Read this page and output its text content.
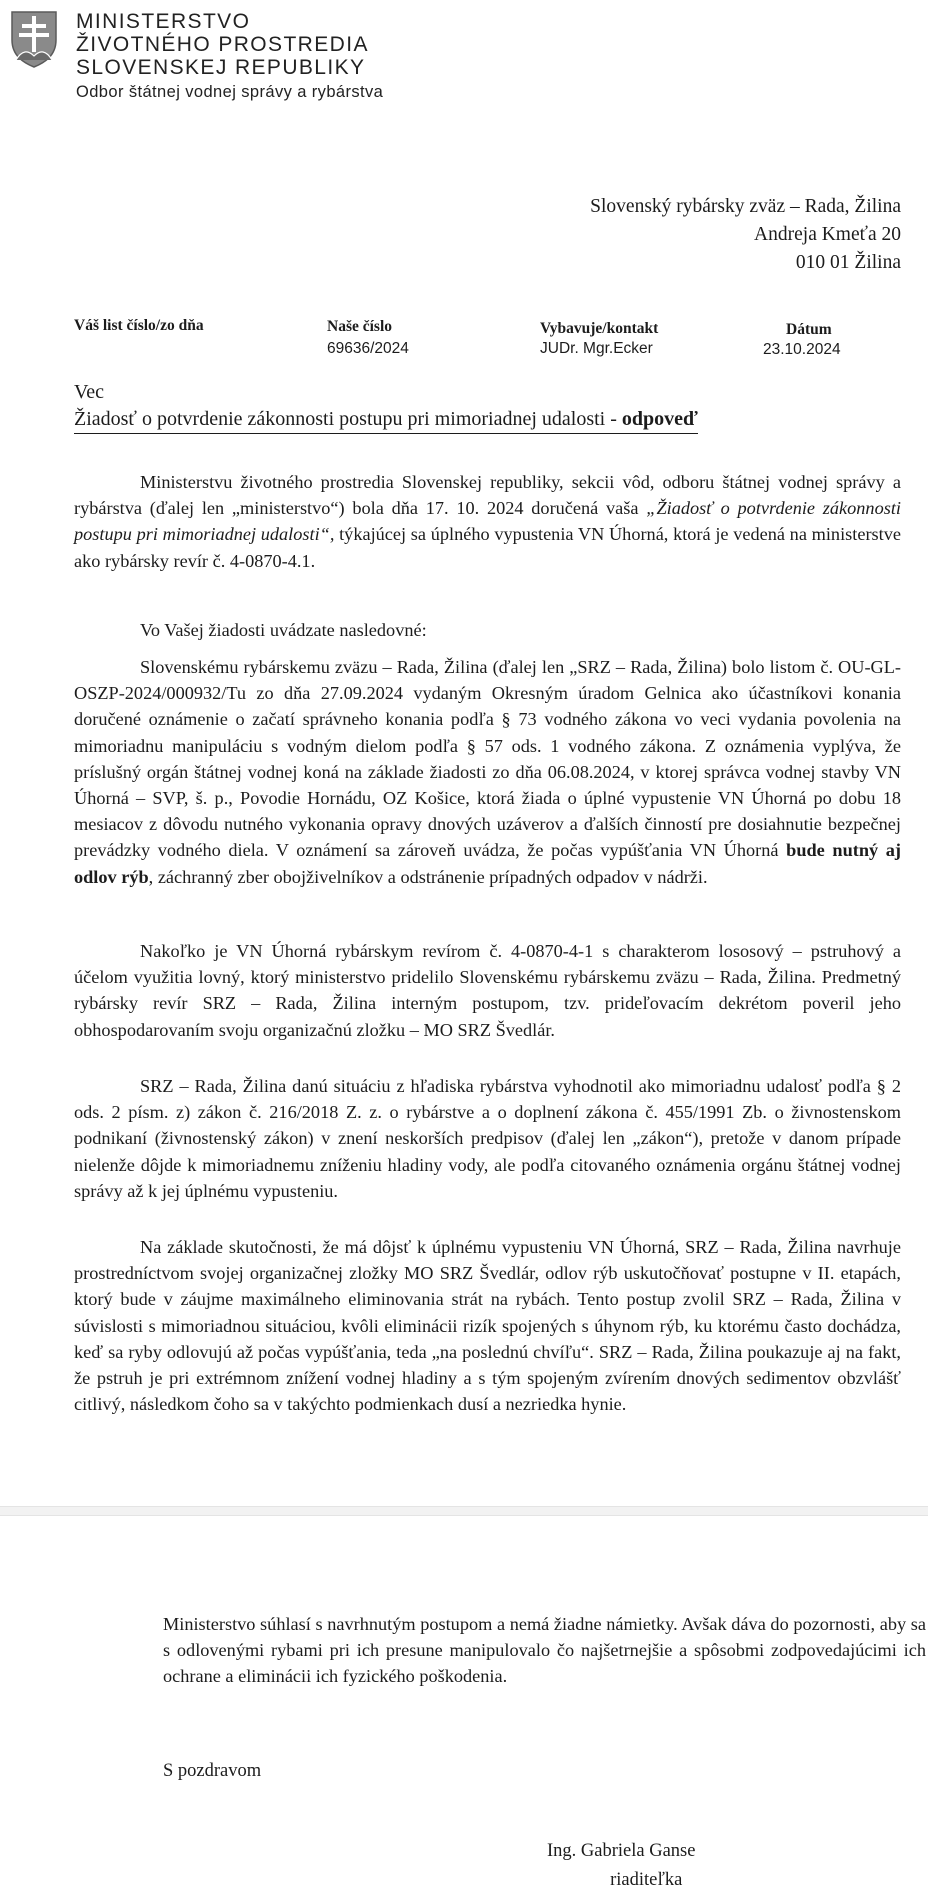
MINISTERSTVO
ŽIVOTNÉHO PROSTREDIA
SLOVENSKEJ REPUBLIKY
Odbor štátnej vodnej správy a rybárstva
Slovenský rybársky zväz – Rada, Žilina
Andreja Kmeťa 20
010 01 Žilina
Váš list číslo/zo dňa	Naše číslo
69636/2024
Vybavuje/kontakt
JUDr. Mgr.Ecker
Dátum
23.10.2024
Vec
Žiadosť o potvrdenie zákonnosti postupu pri mimoriadnej udalosti - odpoveď

Ministerstvu životného prostredia Slovenskej republiky, sekcii vôd, odboru štátnej vodnej správy a rybárstva (ďalej len „ministerstvo“) bola dňa 17. 10. 2024 doručená vaša „Žiadosť o potvrdenie zákonnosti postupu pri mimoriadnej udalosti“, týkajúcej sa úplného vypustenia VN Úhorná, ktorá je vedená na ministerstve ako rybársky revír č. 4-0870-4.1.

Vo Vašej žiadosti uvádzate nasledovné:

Slovenskému rybárskemu zväzu – Rada, Žilina (ďalej len „SRZ – Rada, Žilina) bolo listom č. OU-GL-OSZP-2024/000932/Tu zo dňa 27.09.2024 vydaným Okresným úradom Gelnica ako účastníkovi konania doručené oznámenie o začatí správneho konania podľa § 73 vodného zákona vo veci vydania povolenia na mimoriadnu manipuláciu s vodným dielom podľa § 57 ods. 1 vodného zákona. Z oznámenia vyplýva, že príslušný orgán štátnej vodnej koná na základe žiadosti zo dňa 06.08.2024, v ktorej správca vodnej stavby VN Úhorná – SVP, š. p., Povodie Hornádu, OZ Košice, ktorá žiada o úplné vypustenie VN Úhorná po dobu 18 mesiacov z dôvodu nutného vykonania opravy dnových uzáverov a ďalších činností pre dosiahnutie bezpečnej prevádzky vodného diela. V oznámení sa zároveň uvádza, že počas vypúšťania VN Úhorná bude nutný aj odlov rýb, záchranný zber obojživelníkov a odstránenie prípadných odpadov v nádrži.

Nakoľko je VN Úhorná rybárskym revírom č. 4-0870-4-1 s charakterom lososový – pstruhový a účelom využitia lovný, ktorý ministerstvo pridelilo Slovenskému rybárskemu zväzu – Rada, Žilina. Predmetný rybársky revír SRZ – Rada, Žilina interným postupom, tzv. prideľovacím dekrétom poveril jeho obhospodarovaním svoju organizačnú zložku – MO SRZ Švedlár.

SRZ – Rada, Žilina danú situáciu z hľadiska rybárstva vyhodnotil ako mimoriadnu udalosť podľa § 2 ods. 2 písm. z) zákon č. 216/2018 Z. z. o rybárstve a o doplnení zákona č. 455/1991 Zb. o živnostenskom podnikaní (živnostenský zákon) v znení neskorších predpisov (ďalej len „zákon“), pretože v danom prípade nielenže dôjde k mimoriadnemu zníženiu hladiny vody, ale podľa citovaného oznámenia orgánu štátnej vodnej správy až k jej úplnému vypusteniu.

Na základe skutočnosti, že má dôjsť k úplnému vypusteniu VN Úhorná, SRZ – Rada, Žilina navrhuje prostredníctvom svojej organizačnej zložky MO SRZ Švedlár, odlov rýb uskutočňovať postupne v II. etapách, ktorý bude v záujme maximálneho eliminovania strát na rybách. Tento postup zvolil SRZ – Rada, Žilina v súvislosti s mimoriadnou situáciou, kvôli eliminácii rizík spojených s úhynom rýb, ku ktorému často dochádza, keď sa ryby odlovujú až počas vypúšťania, teda „na poslednú chvíľu“. SRZ – Rada, Žilina poukazuje aj na fakt, že pstruh je pri extrémnom znížení vodnej hladiny a s tým spojeným zvírením dnových sedimentov obzvlášť citlivý, následkom čoho sa v takýchto podmienkach dusí a nezriedka hynie.

Ministerstvo súhlasí s navrhnutým postupom a nemá žiadne námietky. Avšak dáva do pozornosti, aby sa s odlovenými rybami pri ich presune manipulovalo čo najšetrnejšie a spôsobmi zodpovedajúcimi ich ochrane a eliminácii ich fyzického poškodenia.

S pozdravom
Ing. Gabriela Ganse
riaditeľka
